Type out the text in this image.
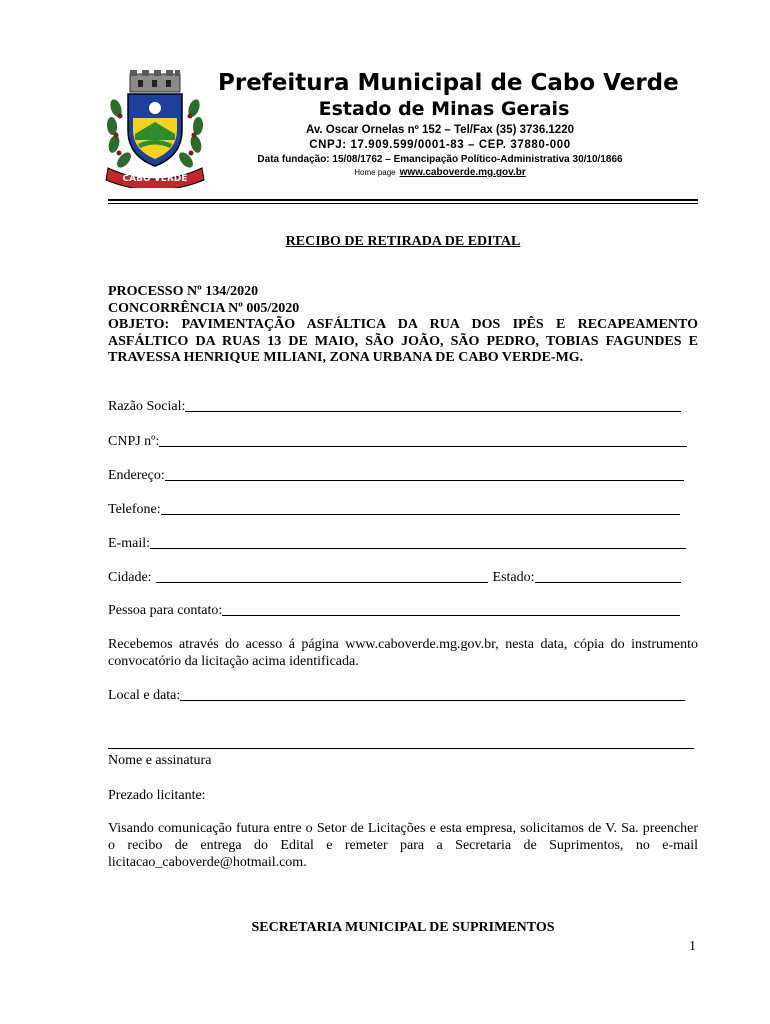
CABO VERDE
Prefeitura Municipal de Cabo Verde
Estado de Minas Gerais
Av. Oscar Ornelas nº 152 – Tel/Fax (35) 3736.1220
CNPJ: 17.909.599/0001-83 – CEP. 37880-000
Data fundação: 15/08/1762 – Emancipação Político-Administrativa 30/10/1866
Home page www.caboverde.mg.gov.br
RECIBO DE RETIRADA DE EDITAL
PROCESSO Nº 134/2020
CONCORRÊNCIA Nº 005/2020
OBJETO: PAVIMENTAÇÃO ASFÁLTICA DA RUA DOS IPÊS E RECAPEAMENTO ASFÁLTICO DA RUAS 13 DE MAIO, SÃO JOÃO, SÃO PEDRO, TOBIAS FAGUNDES E TRAVESSA HENRIQUE MILIANI, ZONA URBANA DE CABO VERDE-MG.
Razão Social:
CNPJ nº:
Endereço:
Telefone:
E-mail:
Cidade:	Estado:
Pessoa para contato:
Recebemos através do acesso á página www.caboverde.mg.gov.br, nesta data, cópia do instrumento convocatório da licitação acima identificada.
Local e data:
Nome e assinatura
Prezado licitante:
Visando comunicação futura entre o Setor de Licitações e esta empresa, solicitamos de V. Sa. preencher o recibo de entrega do Edital e remeter para a Secretaria de Suprimentos, no e-mail licitacao_caboverde@hotmail.com.
SECRETARIA MUNICIPAL DE SUPRIMENTOS
1
